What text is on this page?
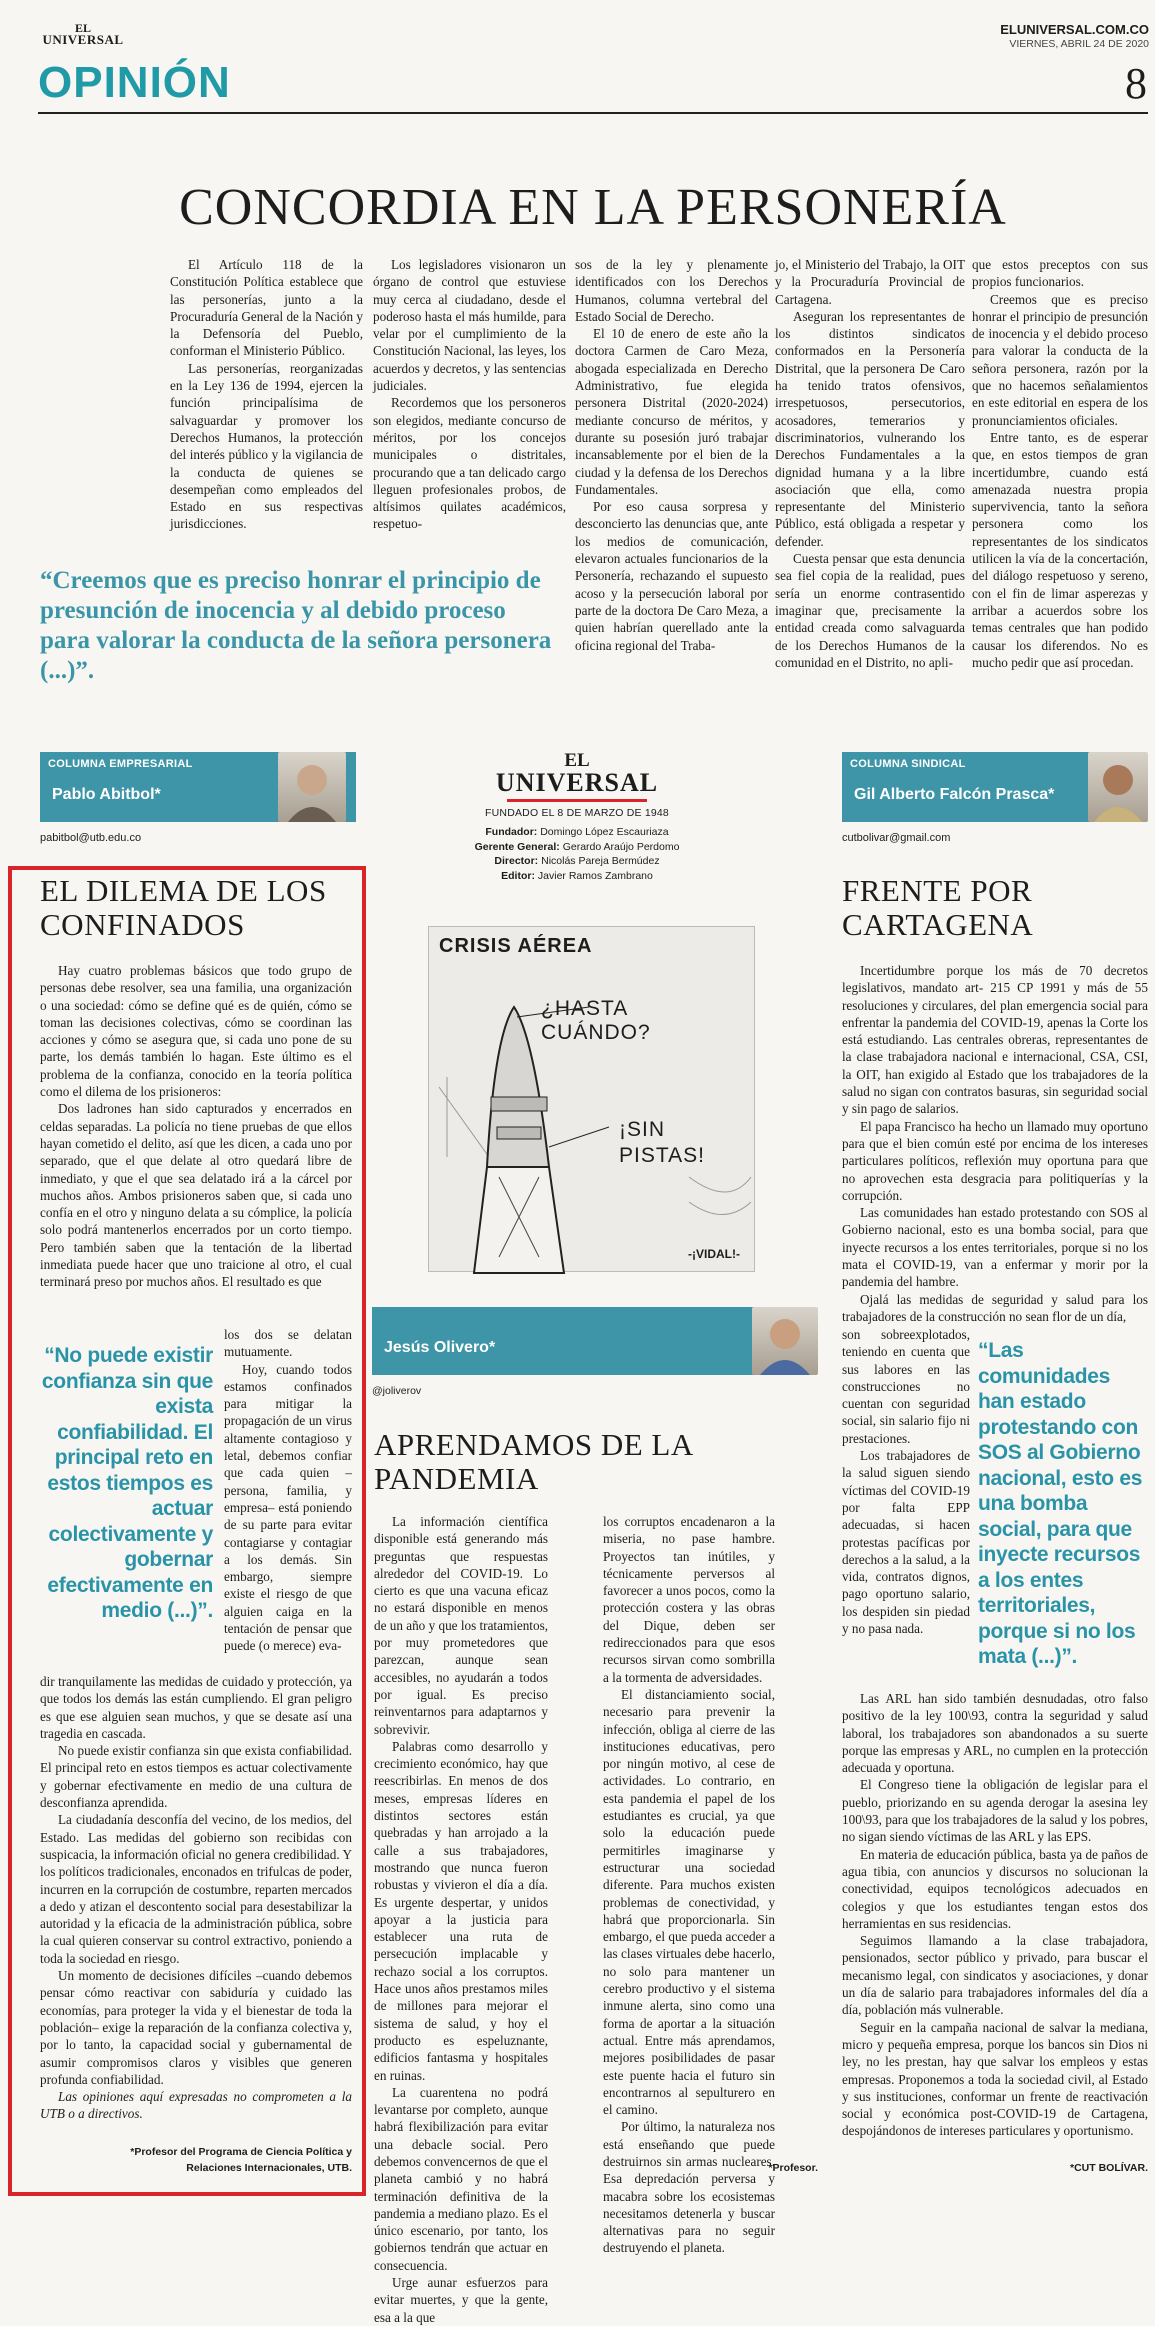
EL
UNIVERSAL
OPINIÓN
ELUNIVERSAL.COM.CO
VIERNES, ABRIL 24 DE 2020
8
CONCORDIA EN LA PERSONERÍA

El Artículo 118 de la Constitución Política establece que las personerías, junto a la Procuraduría General de la Nación y la Defensoría del Pueblo, conforman el Ministerio Público.

Las personerías, reorganizadas en la Ley 136 de 1994, ejercen la función principalísima de salvaguardar y promover los Derechos Humanos, la protección del interés público y la vigilancia de la conducta de quienes se desempeñan como empleados del Estado en sus respectivas jurisdicciones.

Los legisladores visionaron un órgano de control que estuviese muy cerca al ciudadano, desde el poderoso hasta el más humilde, para velar por el cumplimiento de la Constitución Nacional, las leyes, los acuerdos y decretos, y las sentencias judiciales.

Recordemos que los personeros son elegidos, mediante concurso de méritos, por los concejos municipales o distritales, procurando que a tan delicado cargo lleguen profesionales probos, de altísimos quilates académicos, respetuo-

sos de la ley y plenamente identificados con los Derechos Humanos, columna vertebral del Estado Social de Derecho.

El 10 de enero de este año la doctora Carmen de Caro Meza, abogada especializada en Derecho Administrativo, fue elegida personera Distrital (2020-2024) mediante concurso de méritos, y durante su posesión juró trabajar incansablemente por el bien de la ciudad y la defensa de los Derechos Fundamentales.

Por eso causa sorpresa y desconcierto las denuncias que, ante los medios de comunicación, elevaron actuales funcionarios de la Personería, rechazando el supuesto acoso y la persecución laboral por parte de la doctora De Caro Meza, a quien habrían querellado ante la oficina regional del Traba-

jo, el Ministerio del Trabajo, la OIT y la Procuraduría Provincial de Cartagena.

Aseguran los representantes de los distintos sindicatos conformados en la Personería Distrital, que la personera De Caro ha tenido tratos ofensivos, irrespetuosos, persecutorios, acosadores, temerarios y discriminatorios, vulnerando los Derechos Fundamentales a la dignidad humana y a la libre asociación que ella, como representante del Ministerio Público, está obligada a respetar y defender.

Cuesta pensar que esta denuncia sea fiel copia de la realidad, pues sería un enorme contrasentido imaginar que, precisamente la entidad creada como salvaguarda de los Derechos Humanos de la comunidad en el Distrito, no apli-

que estos preceptos con sus propios funcionarios.

Creemos que es preciso honrar el principio de presunción de inocencia y el debido proceso para valorar la conducta de la señora personera, razón por la que no hacemos señalamientos en este editorial en espera de los pronunciamientos oficiales.

Entre tanto, es de esperar que, en estos tiempos de gran incertidumbre, cuando está amenazada nuestra propia supervivencia, tanto la señora personera como los representantes de los sindicatos utilicen la vía de la concertación, del diálogo respetuoso y sereno, con el fin de limar asperezas y arribar a acuerdos sobre los temas centrales que han podido causar los diferendos. No es mucho pedir que así procedan.

“Creemos que es preciso honrar el principio de presunción de inocencia y al debido proceso para valorar la conducta de la señora personera (...)”.
COLUMNA EMPRESARIAL
Pablo Abitbol*
pabitbol@utb.edu.co
EL DILEMA DE LOS CONFINADOS

Hay cuatro problemas básicos que todo grupo de personas debe resolver, sea una familia, una organización o una sociedad: cómo se define qué es de quién, cómo se toman las decisiones colectivas, cómo se coordinan las acciones y cómo se asegura que, si cada uno pone de su parte, los demás también lo hagan. Este último es el problema de la confianza, conocido en la teoría política como el dilema de los prisioneros:

Dos ladrones han sido capturados y encerrados en celdas separadas. La policía no tiene pruebas de que ellos hayan cometido el delito, así que les dicen, a cada uno por separado, que el que delate al otro quedará libre de inmediato, y que el que sea delatado irá a la cárcel por muchos años. Ambos prisioneros saben que, si cada uno confía en el otro y ninguno delata a su cómplice, la policía solo podrá mantenerlos encerrados por un corto tiempo. Pero también saben que la tentación de la libertad inmediata puede hacer que uno traicione al otro, el cual terminará preso por muchos años. El resultado es que

“No puede existir confianza sin que exista confiabilidad. El principal reto en estos tiempos es actuar colectivamente y gobernar efectivamente en medio (...)”.

los dos se delatan mutuamente.

Hoy, cuando todos estamos confinados para mitigar la propagación de un virus altamente contagioso y letal, debemos confiar que cada quien –persona, familia, y empresa– está poniendo de su parte para evitar contagiarse y contagiar a los demás. Sin embargo, siempre existe el riesgo de que alguien caiga en la tentación de pensar que puede (o merece) eva-

dir tranquilamente las medidas de cuidado y protección, ya que todos los demás las están cumpliendo. El gran peligro es que ese alguien sean muchos, y que se desate así una tragedia en cascada.

No puede existir confianza sin que exista confiabilidad. El principal reto en estos tiempos es actuar colectivamente y gobernar efectivamente en medio de una cultura de desconfianza aprendida.

La ciudadanía desconfía del vecino, de los medios, del Estado. Las medidas del gobierno son recibidas con suspicacia, la información oficial no genera credibilidad. Y los políticos tradicionales, enconados en trifulcas de poder, incurren en la corrupción de costumbre, reparten mercados a dedo y atizan el descontento social para desestabilizar la autoridad y la eficacia de la administración pública, sobre la cual quieren conservar su control extractivo, poniendo a toda la sociedad en riesgo.

Un momento de decisiones difíciles –cuando debemos pensar cómo reactivar con sabiduría y cuidado las economías, para proteger la vida y el bienestar de toda la población– exige la reparación de la confianza colectiva y, por lo tanto, la capacidad social y gubernamental de asumir compromisos claros y visibles que generen profunda confiabilidad.

Las opiniones aquí expresadas no comprometen a la UTB o a directivos.

*Profesor del Programa de Ciencia Política y Relaciones Internacionales, UTB.
EL
UNIVERSAL
FUNDADO EL 8 DE MARZO DE 1948
Fundador: Domingo López Escauriaza
Gerente General: Gerardo Araújo Perdomo
Director: Nicolás Pareja Bermúdez
Editor: Javier Ramos Zambrano
CRISIS AÉREA
¿HASTA CUÁNDO?
¡SIN PISTAS!
-¡VIDAL!-
Jesús Olivero*
@joliverov
APRENDAMOS DE LA PANDEMIA

La información científica disponible está generando más preguntas que respuestas alrededor del COVID-19. Lo cierto es que una vacuna eficaz no estará disponible en menos de un año y que los tratamientos, por muy prometedores que parezcan, aunque sean accesibles, no ayudarán a todos por igual. Es preciso reinventarnos para adaptarnos y sobrevivir.

Palabras como desarrollo y crecimiento económico, hay que reescribirlas. En menos de dos meses, empresas líderes en distintos sectores están quebradas y han arrojado a la calle a sus trabajadores, mostrando que nunca fueron robustas y vivieron el día a día. Es urgente despertar, y unidos apoyar a la justicia para establecer una ruta de persecución implacable y rechazo social a los corruptos. Hace unos años prestamos miles de millones para mejorar el sistema de salud, y hoy el producto es espeluznante, edificios fantasma y hospitales en ruinas.

La cuarentena no podrá levantarse por completo, aunque habrá flexibilización para evitar una debacle social. Pero debemos convencernos de que el planeta cambió y no habrá terminación definitiva de la pandemia a mediano plazo. Es el único escenario, por tanto, los gobiernos tendrán que actuar en consecuencia.

Urge aunar esfuerzos para evitar muertes, y que la gente, esa a la que

los corruptos encadenaron a la miseria, no pase hambre. Proyectos tan inútiles, y técnicamente perversos al favorecer a unos pocos, como la protección costera y las obras del Dique, deben ser redireccionados para que esos recursos sirvan como sombrilla a la tormenta de adversidades.

El distanciamiento social, necesario para prevenir la infección, obliga al cierre de las instituciones educativas, pero por ningún motivo, al cese de actividades. Lo contrario, en esta pandemia el papel de los estudiantes es crucial, ya que solo la educación puede permitirles imaginarse y estructurar una sociedad diferente. Para muchos existen problemas de conectividad, y habrá que proporcionarla. Sin embargo, el que pueda acceder a las clases virtuales debe hacerlo, no solo para mantener un cerebro productivo y el sistema inmune alerta, sino como una forma de aportar a la situación actual. Entre más aprendamos, mejores posibilidades de pasar este puente hacia el futuro sin encontrarnos al sepulturero en el camino.

Por último, la naturaleza nos está enseñando que puede destruirnos sin armas nucleares. Esa depredación perversa y macabra sobre los ecosistemas necesitamos detenerla y buscar alternativas para no seguir destruyendo el planeta.

*Profesor.
COLUMNA SINDICAL
Gil Alberto Falcón Prasca*
cutbolivar@gmail.com
FRENTE POR CARTAGENA

Incertidumbre porque los más de 70 decretos legislativos, mandato art- 215 CP 1991 y más de 55 resoluciones y circulares, del plan emergencia social para enfrentar la pandemia del COVID-19, apenas la Corte los está estudiando. Las centrales obreras, representantes de la clase trabajadora nacional e internacional, CSA, CSI, la OIT, han exigido al Estado que los trabajadores de la salud no sigan con contratos basuras, sin seguridad social y sin pago de salarios.

El papa Francisco ha hecho un llamado muy oportuno para que el bien común esté por encima de los intereses particulares políticos, reflexión muy oportuna para que no aprovechen esta desgracia para politiquerías y la corrupción.

Las comunidades han estado protestando con SOS al Gobierno nacional, esto es una bomba social, para que inyecte recursos a los entes territoriales, porque si no los mata el COVID-19, van a enfermar y morir por la pandemia del hambre.

Ojalá las medidas de seguridad y salud para los trabajadores de la construcción no sean flor de un día,

son sobreexplotados, teniendo en cuenta que sus labores en las construcciones no cuentan con seguridad social, sin salario fijo ni prestaciones.

Los trabajadores de la salud siguen siendo víctimas del COVID-19 por falta EPP adecuadas, si hacen protestas pacíficas por derechos a la salud, a la vida, contratos dignos, pago oportuno salario, los despiden sin piedad y no pasa nada.

“Las comunidades han estado protestando con SOS al Gobierno nacional, esto es una bomba social, para que inyecte recursos a los entes territoriales, porque si no los mata (...)”.

Las ARL han sido también desnudadas, otro falso positivo de la ley 100\93, contra la seguridad y salud laboral, los trabajadores son abandonados a su suerte porque las empresas y ARL, no cumplen en la protección adecuada y oportuna.

El Congreso tiene la obligación de legislar para el pueblo, priorizando en su agenda derogar la asesina ley 100\93, para que los trabajadores de la salud y los pobres, no sigan siendo víctimas de las ARL y las EPS.

En materia de educación pública, basta ya de paños de agua tibia, con anuncios y discursos no solucionan la conectividad, equipos tecnológicos adecuados en colegios y que los estudiantes tengan estos dos herramientas en sus residencias.

Seguimos llamando a la clase trabajadora, pensionados, sector público y privado, para buscar el mecanismo legal, con sindicatos y asociaciones, y donar un día de salario para trabajadores informales del día a día, población más vulnerable.

Seguir en la campaña nacional de salvar la mediana, micro y pequeña empresa, porque los bancos sin Dios ni ley, no les prestan, hay que salvar los empleos y estas empresas. Proponemos a toda la sociedad civil, al Estado y sus instituciones, conformar un frente de reactivación social y económica post-COVID-19 de Cartagena, despojándonos de intereses particulares y oportunismo.

*CUT BOLÍVAR.
